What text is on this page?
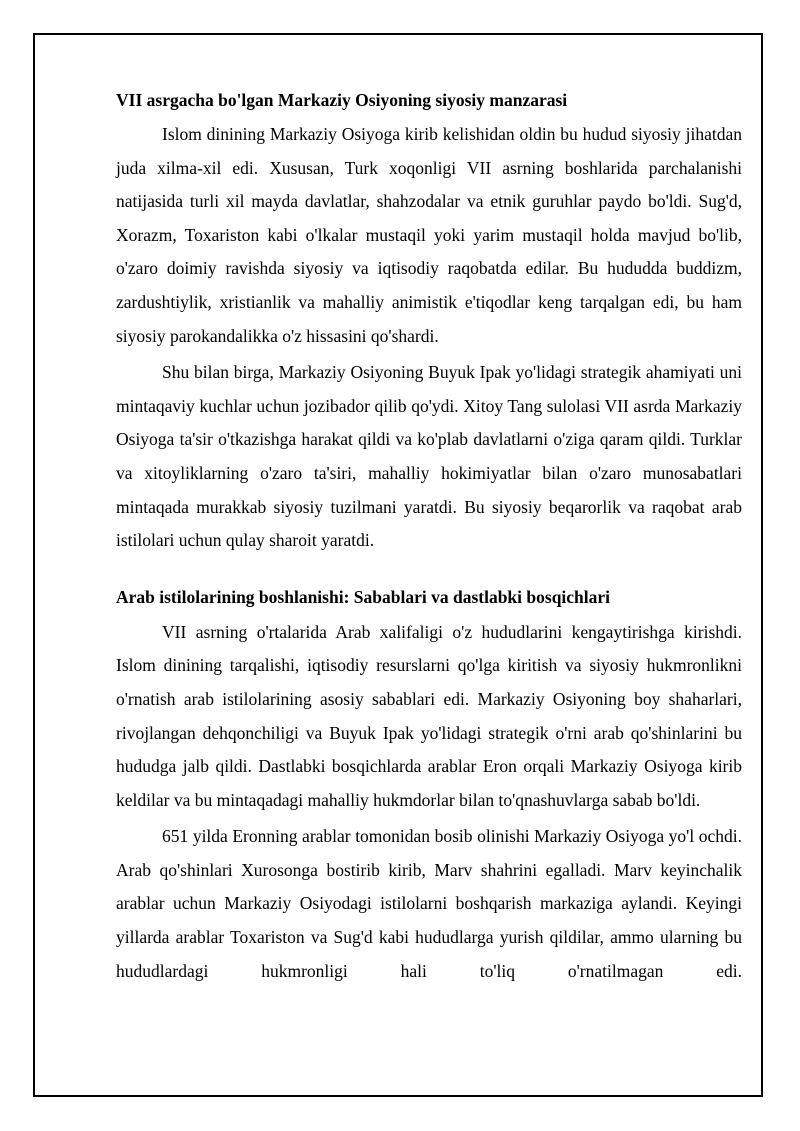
VII asrgacha bo'lgan Markaziy Osiyoning siyosiy manzarasi

Islom dinining Markaziy Osiyoga kirib kelishidan oldin bu hudud siyosiy jihatdan juda xilma-xil edi. Xususan, Turk xoqonligi VII asrning boshlarida parchalanishi natijasida turli xil mayda davlatlar, shahzodalar va etnik guruhlar paydo bo'ldi. Sug'd, Xorazm, Toxariston kabi o'lkalar mustaqil yoki yarim mustaqil holda mavjud bo'lib, o'zaro doimiy ravishda siyosiy va iqtisodiy raqobatda edilar. Bu hududda buddizm, zardushtiylik, xristianlik va mahalliy animistik e'tiqodlar keng tarqalgan edi, bu ham siyosiy parokandalikka o'z hissasini qo'shardi.

Shu bilan birga, Markaziy Osiyoning Buyuk Ipak yo'lidagi strategik ahamiyati uni mintaqaviy kuchlar uchun jozibador qilib qo'ydi. Xitoy Tang sulolasi VII asrda Markaziy Osiyoga ta'sir o'tkazishga harakat qildi va ko'plab davlatlarni o'ziga qaram qildi. Turklar va xitoyliklarning o'zaro ta'siri, mahalliy hokimiyatlar bilan o'zaro munosabatlari mintaqada murakkab siyosiy tuzilmani yaratdi. Bu siyosiy beqarorlik va raqobat arab istilolari uchun qulay sharoit yaratdi.

Arab istilolarining boshlanishi: Sabablari va dastlabki bosqichlari

VII asrning o'rtalarida Arab xalifaligi o'z hududlarini kengaytirishga kirishdi. Islom dinining tarqalishi, iqtisodiy resurslarni qo'lga kiritish va siyosiy hukmronlikni o'rnatish arab istilolarining asosiy sabablari edi. Markaziy Osiyoning boy shaharlari, rivojlangan dehqonchiligi va Buyuk Ipak yo'lidagi strategik o'rni arab qo'shinlarini bu hududga jalb qildi. Dastlabki bosqichlarda arablar Eron orqali Markaziy Osiyoga kirib keldilar va bu mintaqadagi mahalliy hukmdorlar bilan to'qnashuvlarga sabab bo'ldi.

651 yilda Eronning arablar tomonidan bosib olinishi Markaziy Osiyoga yo'l ochdi. Arab qo'shinlari Xurosonga bostirib kirib, Marv shahrini egalladi. Marv keyinchalik arablar uchun Markaziy Osiyodagi istilolarni boshqarish markaziga aylandi. Keyingi yillarda arablar Toxariston va Sug'd kabi hududlarga yurish qildilar, ammo ularning bu hududlardagi hukmronligi hali to'liq o'rnatilmagan edi.
